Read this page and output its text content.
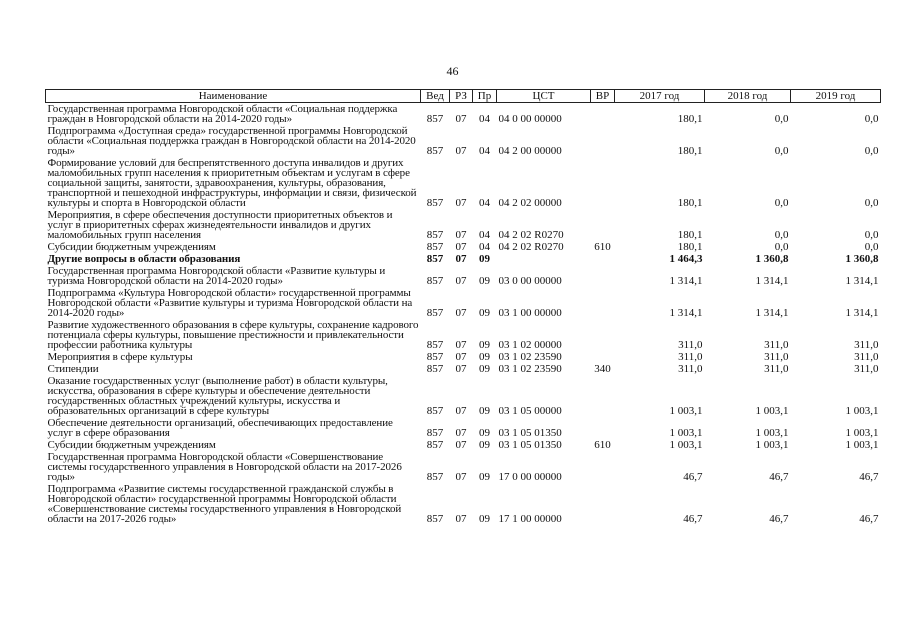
46
Наименование	Вед	РЗ	Пр	ЦСТ	ВР	2017 год	2018 год	2019 год
Государственная программа Новгородской области «Социальная поддержка граждан в Новгородской области на 2014-2020 годы»	857	07	04	04 0 00 00000		180,1	0,0	0,0
Подпрограмма «Доступная среда» государственной программы Новгородской области «Социальная поддержка граждан в Новгородской области на 2014-2020 годы»	857	07	04	04 2 00 00000		180,1	0,0	0,0
Формирование условий для беспрепятственного доступа инвалидов и других маломобильных групп населения к приоритетным объектам и услугам в сфере социальной защиты, занятости, здравоохранения, культуры, образования, транспортной и пешеходной инфраструктуры, информации и связи, физической культуры и спорта в Новгородской области	857	07	04	04 2 02 00000		180,1	0,0	0,0
Мероприятия, в сфере обеспечения доступности приоритетных объектов и услуг в приоритетных сферах жизнедеятельности инвалидов и других маломобильных групп населения	857	07	04	04 2 02 R0270		180,1	0,0	0,0
Субсидии бюджетным учреждениям	857	07	04	04 2 02 R0270	610	180,1	0,0	0,0
Другие вопросы в области образования	857	07	09			1 464,3	1 360,8	1 360,8
Государственная программа Новгородской области «Развитие культуры и туризма Новгородской области на 2014-2020 годы»	857	07	09	03 0 00 00000		1 314,1	1 314,1	1 314,1
Подпрограмма «Культура Новгородской области» государственной программы Новгородской области «Развитие культуры и туризма Новгородской области на 2014-2020 годы»	857	07	09	03 1 00 00000		1 314,1	1 314,1	1 314,1
Развитие художественного образования в сфере культуры, сохранение кадрового потенциала сферы культуры, повышение престижности и привлекательности профессии работника культуры	857	07	09	03 1 02 00000		311,0	311,0	311,0
Мероприятия в сфере культуры	857	07	09	03 1 02 23590		311,0	311,0	311,0
Стипендии	857	07	09	03 1 02 23590	340	311,0	311,0	311,0
Оказание государственных услуг (выполнение работ) в области культуры, искусства, образования в сфере культуры и обеспечение деятельности государственных областных учреждений культуры, искусства и образовательных организаций в сфере культуры	857	07	09	03 1 05 00000		1 003,1	1 003,1	1 003,1
Обеспечение деятельности организаций, обеспечивающих предоставление услуг в сфере образования	857	07	09	03 1 05 01350		1 003,1	1 003,1	1 003,1
Субсидии бюджетным учреждениям	857	07	09	03 1 05 01350	610	1 003,1	1 003,1	1 003,1
Государственная программа Новгородской области «Совершенствование системы государственного управления в Новгородской области на 2017-2026 годы»	857	07	09	17 0 00 00000		46,7	46,7	46,7
Подпрограмма «Развитие системы государственной гражданской службы в Новгородской области» государственной программы Новгородской области «Совершенствование системы государственного управления в Новгородской области на 2017-2026 годы»	857	07	09	17 1 00 00000		46,7	46,7	46,7
